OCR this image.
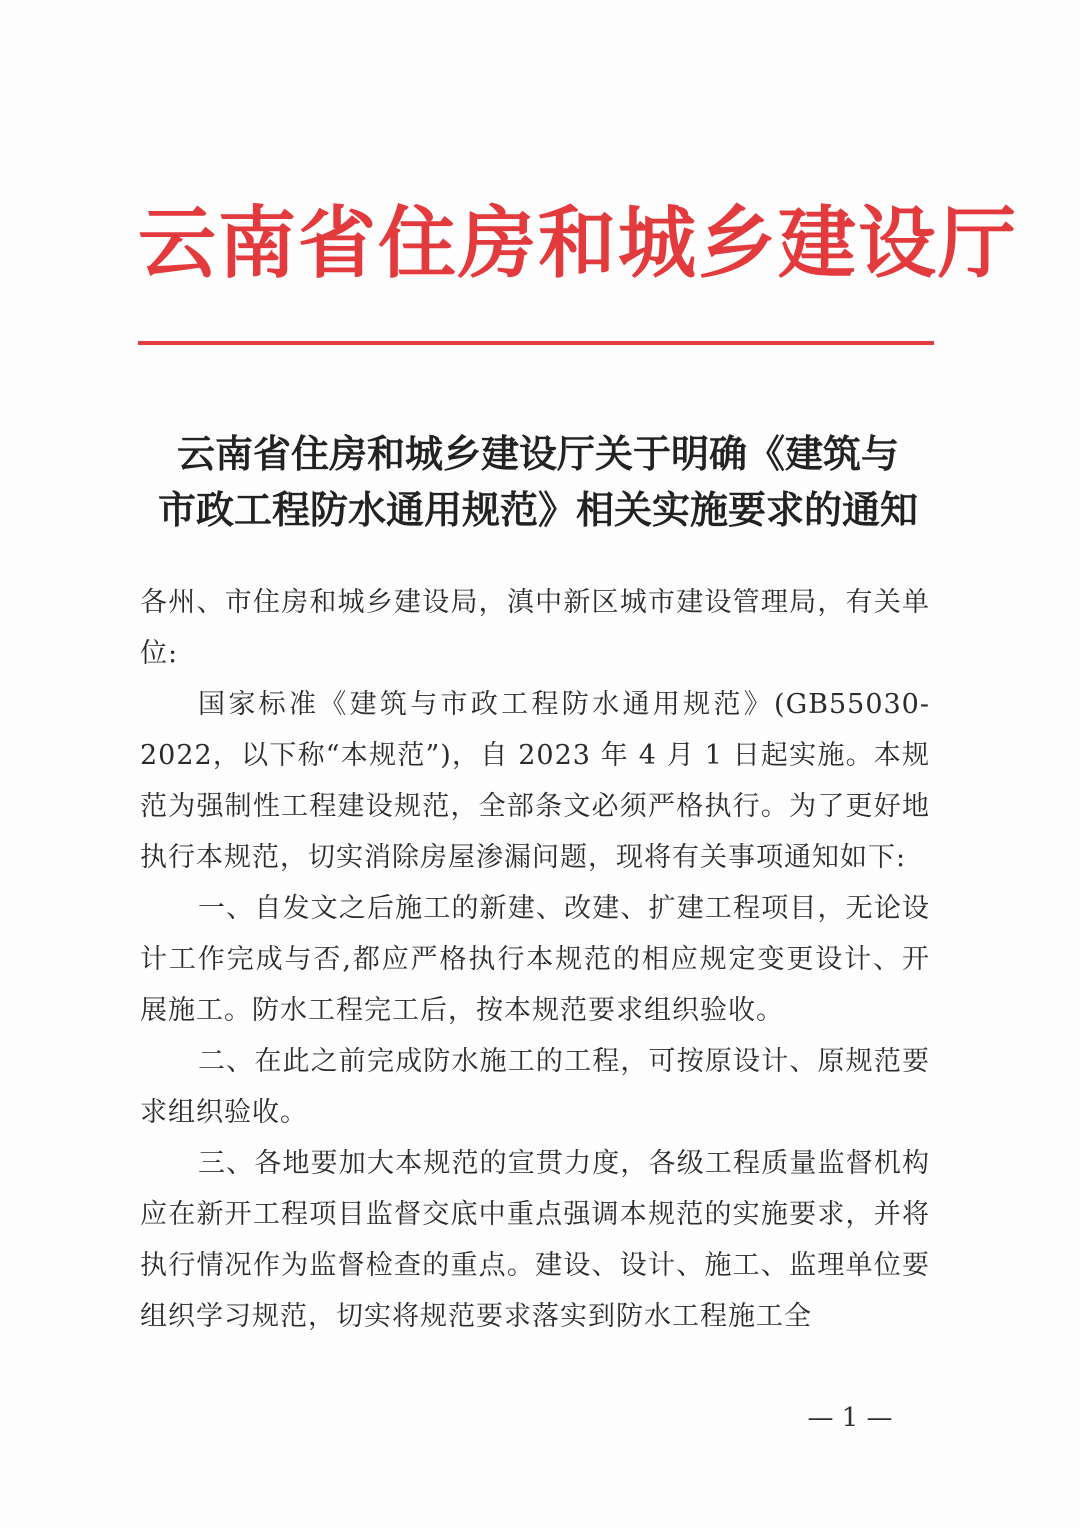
云南省住房和城乡建设厅
云南省住房和城乡建设厅关于明确《建筑与
市政工程防水通用规范》相关实施要求的通知

各州、市住房和城乡建设局，滇中新区城市建设管理局，有关单位:

国家标准《建筑与市政工程防水通用规范》(GB55030-2022，以下称“本规范”)，自 2023 年 4 月 1 日起实施。本规范为强制性工程建设规范，全部条文必须严格执行。为了更好地执行本规范，切实消除房屋渗漏问题，现将有关事项通知如下:

一、自发文之后施工的新建、改建、扩建工程项目，无论设计工作完成与否,都应严格执行本规范的相应规定变更设计、开展施工。防水工程完工后，按本规范要求组织验收。

二、在此之前完成防水施工的工程，可按原设计、原规范要求组织验收。

三、各地要加大本规范的宣贯力度，各级工程质量监督机构应在新开工程项目监督交底中重点强调本规范的实施要求，并将执行情况作为监督检查的重点。建设、设计、施工、监理单位要组织学习规范，切实将规范要求落实到防水工程施工全

— 1 —
